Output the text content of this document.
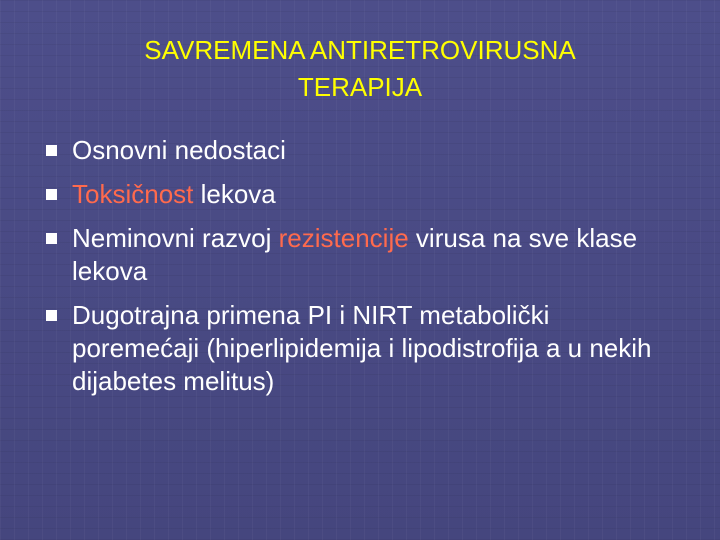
SAVREMENA ANTIRETROVIRUSNA
TERAPIJA
Osnovni nedostaci
Toksičnost lekova
Neminovni razvoj rezistencije virusa na sve klase lekova
Dugotrajna primena PI i NIRT metabolički poremećaji (hiperlipidemija i lipodistrofija a u nekih dijabetes melitus)
